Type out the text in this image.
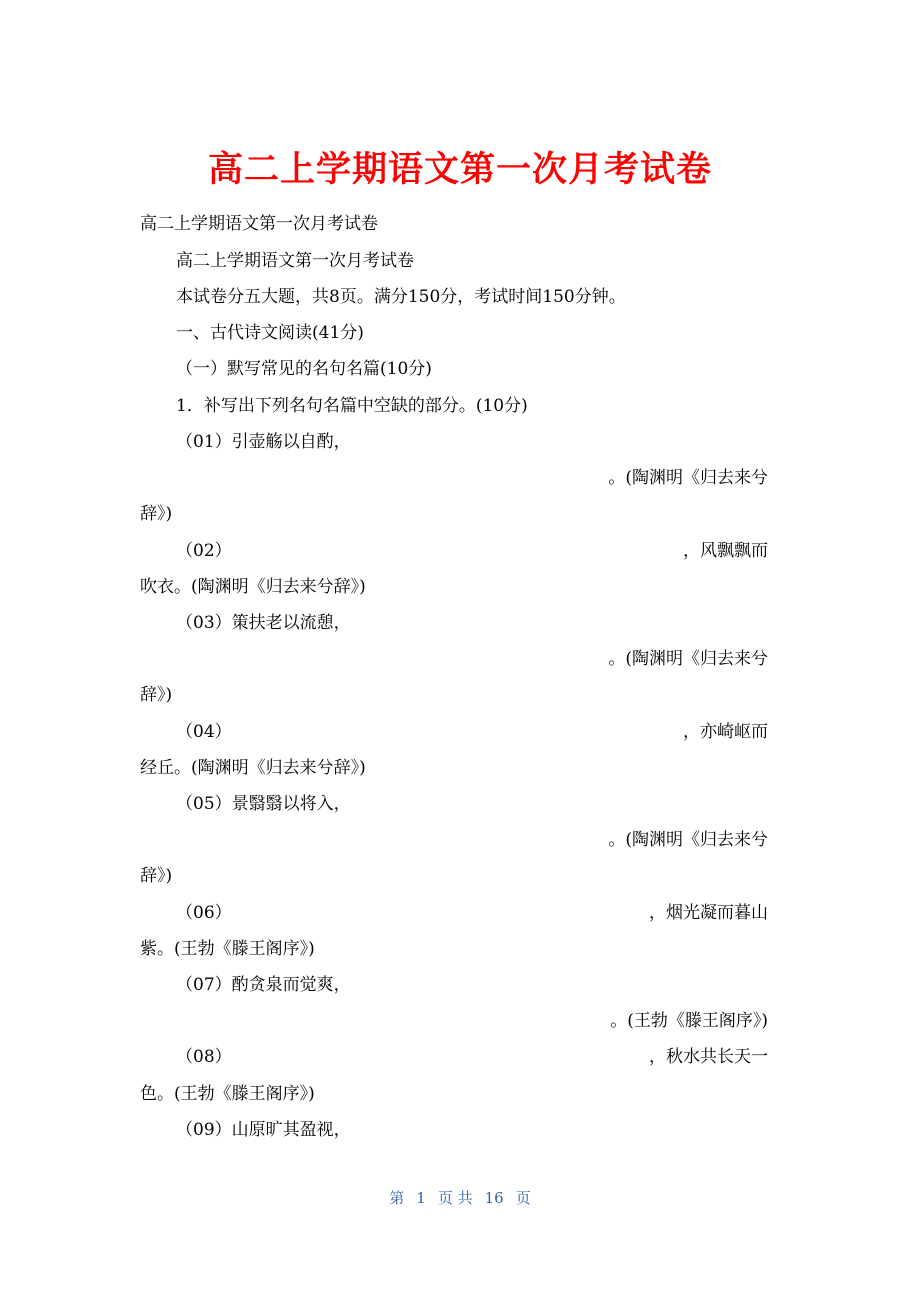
高二上学期语文第一次月考试卷
高二上学期语文第一次月考试卷
高二上学期语文第一次月考试卷
本试卷分五大题，共8页。满分150分，考试时间150分钟。
一、古代诗文阅读(41分)
（一）默写常见的名句名篇(10分)
1．补写出下列名句名篇中空缺的部分。(10分)
（01）引壶觞以自酌，
。(陶渊明《归去来兮
辞》)
（02）	，风飘飘而
吹衣。(陶渊明《归去来兮辞》)
（03）策扶老以流憩，
。(陶渊明《归去来兮
辞》)
（04）	，亦崎岖而
经丘。(陶渊明《归去来兮辞》)
（05）景翳翳以将入，
。(陶渊明《归去来兮
辞》)
（06）	，烟光凝而暮山
紫。(王勃《滕王阁序》)
（07）酌贪泉而觉爽，
。(王勃《滕王阁序》)
（08）	，秋水共长天一
色。(王勃《滕王阁序》)
（09）山原旷其盈视，
第 1 页 共 16 页
